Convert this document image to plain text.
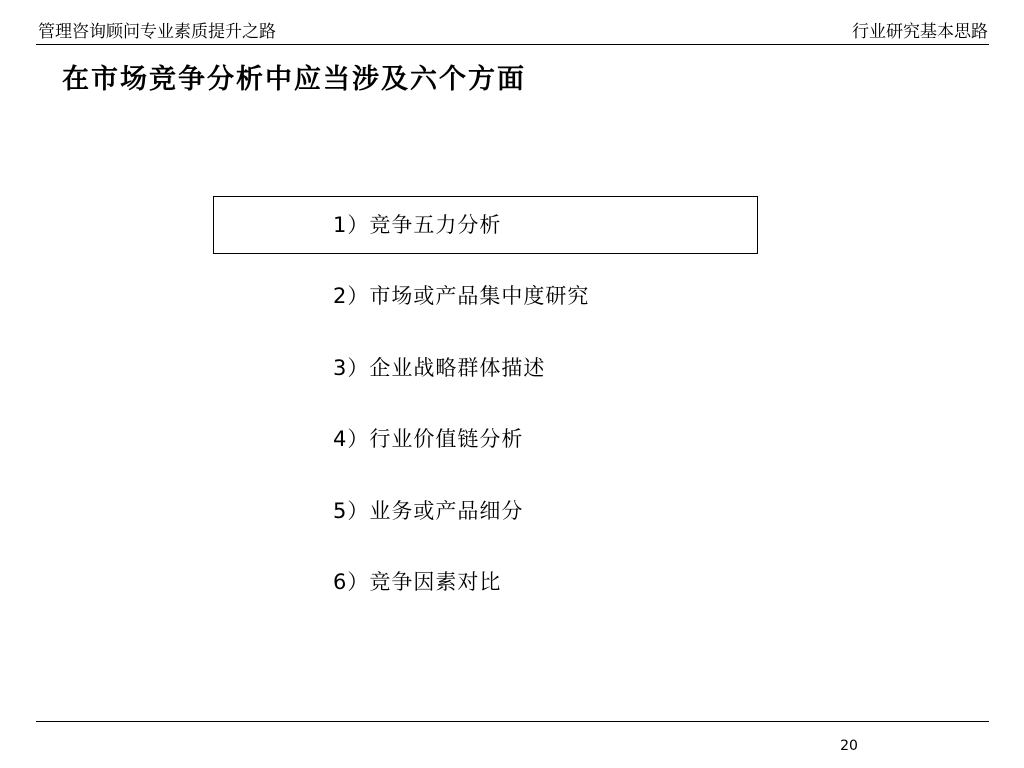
管理咨询顾问专业素质提升之路	行业研究基本思路
在市场竞争分析中应当涉及六个方面
1）竞争五力分析
2）市场或产品集中度研究
3）企业战略群体描述
4）行业价值链分析
5）业务或产品细分
6）竞争因素对比
20
